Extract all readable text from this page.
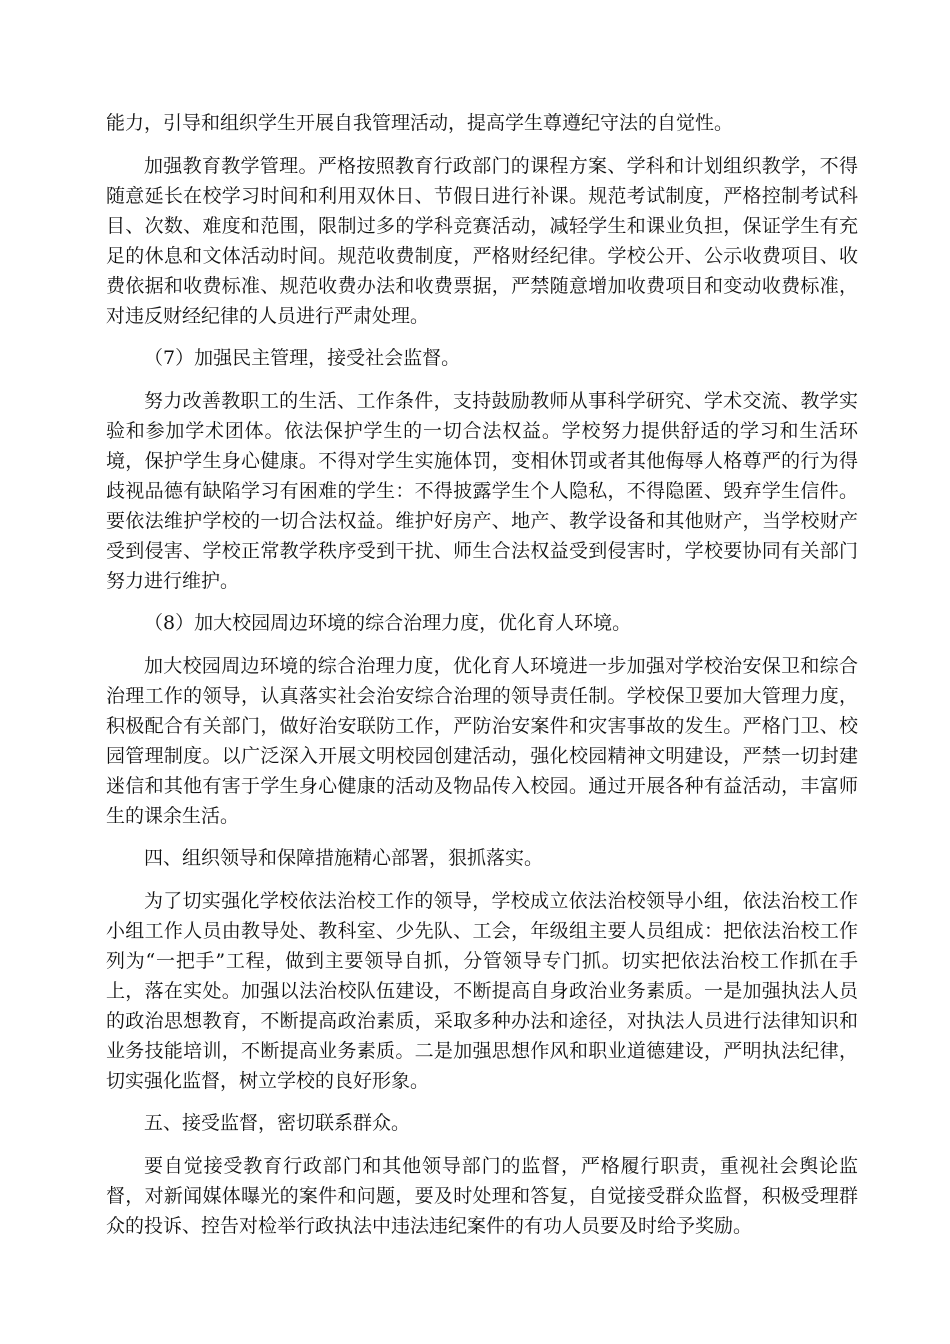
能力，引导和组织学生开展自我管理活动，提高学生尊遵纪守法的自觉性。

加强教育教学管理。严格按照教育行政部门的课程方案、学科和计划组织教学，不得随意延长在校学习时间和利用双休日、节假日进行补课。规范考试制度，严格控制考试科目、次数、难度和范围，限制过多的学科竞赛活动，减轻学生和课业负担，保证学生有充足的休息和文体活动时间。规范收费制度，严格财经纪律。学校公开、公示收费项目、收费依据和收费标准、规范收费办法和收费票据，严禁随意增加收费项目和变动收费标准，对违反财经纪律的人员进行严肃处理。

（7）加强民主管理，接受社会监督。

努力改善教职工的生活、工作条件，支持鼓励教师从事科学研究、学术交流、教学实验和参加学术团体。依法保护学生的一切合法权益。学校努力提供舒适的学习和生活环境，保护学生身心健康。不得对学生实施体罚，变相休罚或者其他侮辱人格尊严的行为得歧视品德有缺陷学习有困难的学生：不得披露学生个人隐私，不得隐匿、毁弃学生信件。要依法维护学校的一切合法权益。维护好房产、地产、教学设备和其他财产，当学校财产受到侵害、学校正常教学秩序受到干扰、师生合法权益受到侵害时，学校要协同有关部门努力进行维护。

（8）加大校园周边环境的综合治理力度，优化育人环境。

加大校园周边环境的综合治理力度，优化育人环境进一步加强对学校治安保卫和综合治理工作的领导，认真落实社会治安综合治理的领导责任制。学校保卫要加大管理力度，积极配合有关部门，做好治安联防工作，严防治安案件和灾害事故的发生。严格门卫、校园管理制度。以广泛深入开展文明校园创建活动，强化校园精神文明建设，严禁一切封建迷信和其他有害于学生身心健康的活动及物品传入校园。通过开展各种有益活动，丰富师生的课余生活。

四、组织领导和保障措施精心部署，狠抓落实。

为了切实强化学校依法治校工作的领导，学校成立依法治校领导小组，依法治校工作小组工作人员由教导处、教科室、少先队、工会，年级组主要人员组成：把依法治校工作列为“一把手”工程，做到主要领导自抓，分管领导专门抓。切实把依法治校工作抓在手上，落在实处。加强以法治校队伍建设，不断提高自身政治业务素质。一是加强执法人员的政治思想教育，不断提高政治素质，采取多种办法和途径，对执法人员进行法律知识和业务技能培训，不断提高业务素质。二是加强思想作风和职业道德建设，严明执法纪律，切实强化监督，树立学校的良好形象。

五、接受监督，密切联系群众。

要自觉接受教育行政部门和其他领导部门的监督，严格履行职责，重视社会舆论监督，对新闻媒体曝光的案件和问题，要及时处理和答复，自觉接受群众监督，积极受理群众的投诉、控告对检举行政执法中违法违纪案件的有功人员要及时给予奖励。
